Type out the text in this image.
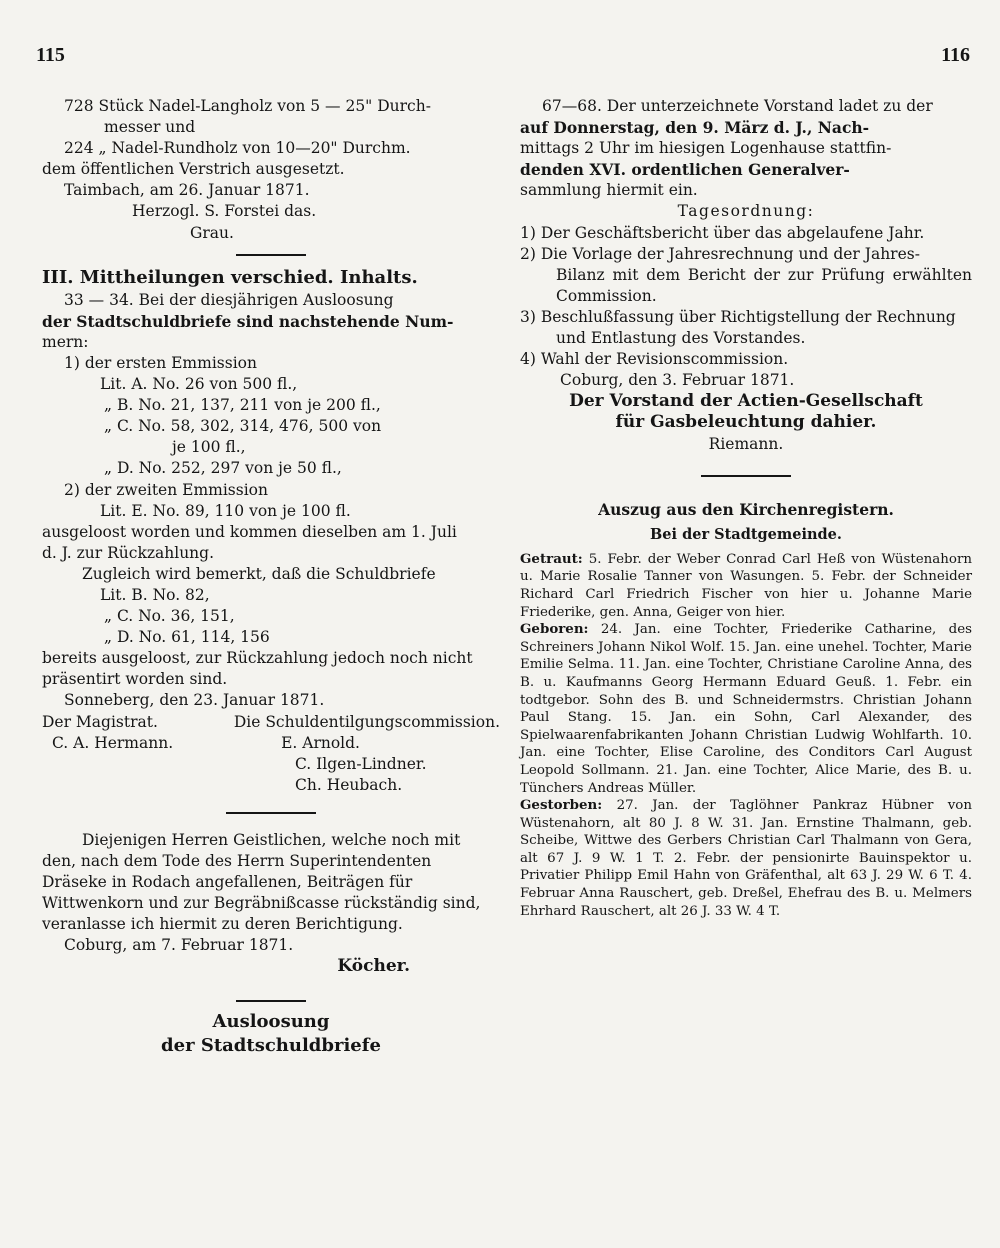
115	116

728 Stück Nadel-Langholz von 5 — 25" Durch-

messer und

224 „ Nadel-Rundholz von 10—20" Durchm.

dem öffentlichen Verstrich ausgesetzt.

Taimbach, am 26. Januar 1871.

Herzogl. S. Forstei das.

Grau.

III. Mittheilungen verschied. Inhalts.

33 — 34. Bei der diesjährigen Ausloosung

der Stadtschuldbriefe sind nachstehende Num-

mern:

1) der ersten Emmission

Lit. A. No. 26 von 500 fl.,

„ B. No. 21, 137, 211 von je 200 fl.,

„ C. No. 58, 302, 314, 476, 500 von

je 100 fl.,

„ D. No. 252, 297 von je 50 fl.,

2) der zweiten Emmission

Lit. E. No. 89, 110 von je 100 fl.

ausgeloost worden und kommen dieselben am 1. Juli

d. J. zur Rückzahlung.

Zugleich wird bemerkt, daß die Schuldbriefe

Lit. B. No. 82,

„ C. No. 36, 151,

„ D. No. 61, 114, 156

bereits ausgeloost, zur Rückzahlung jedoch noch nicht

präsentirt worden sind.

Sonneberg, den 23. Januar 1871.

Der Magistrat.	Die Schuldentilgungscommission.
C. A. Hermann.	E. Arnold.

C. Ilgen-Lindner.

Ch. Heubach.

Diejenigen Herren Geistlichen, welche noch mit

den, nach dem Tode des Herrn Superintendenten

Dräseke in Rodach angefallenen, Beiträgen für

Wittwenkorn und zur Begräbnißcasse rückständig sind,

veranlasse ich hiermit zu deren Berichtigung.

Coburg, am 7. Februar 1871.

Köcher.

Ausloosung

der Stadtschuldbriefe

67—68. Der unterzeichnete Vorstand ladet zu der

auf Donnerstag, den 9. März d. J., Nach-

mittags 2 Uhr im hiesigen Logenhause stattfin-

denden XVI. ordentlichen Generalver-

sammlung hiermit ein.

Tagesordnung:

1) Der Geschäftsbericht über das abgelaufene Jahr.

2) Die Vorlage der Jahresrechnung und der Jahres-

Bilanz mit dem Bericht der zur Prüfung erwählten Commission.

3) Beschlußfassung über Richtigstellung der Rechnung

und Entlastung des Vorstandes.

4) Wahl der Revisionscommission.

Coburg, den 3. Februar 1871.

Der Vorstand der Actien-Gesellschaft

für Gasbeleuchtung dahier.

Riemann.

Auszug aus den Kirchenregistern.

Bei der Stadtgemeinde.

Getraut: 5. Febr. der Weber Conrad Carl Heß von Wüstenahorn u. Marie Rosalie Tanner von Wasungen. 5. Febr. der Schneider Richard Carl Friedrich Fischer von hier u. Johanne Marie Friederike, gen. Anna, Geiger von hier.

Geboren: 24. Jan. eine Tochter, Friederike Catharine, des Schreiners Johann Nikol Wolf. 15. Jan. eine unehel. Tochter, Marie Emilie Selma. 11. Jan. eine Tochter, Christiane Caroline Anna, des B. u. Kaufmanns Georg Hermann Eduard Geuß. 1. Febr. ein todtgebor. Sohn des B. und Schneidermstrs. Christian Johann Paul Stang. 15. Jan. ein Sohn, Carl Alexander, des Spielwaarenfabrikanten Johann Christian Ludwig Wohlfarth. 10. Jan. eine Tochter, Elise Caroline, des Conditors Carl August Leopold Sollmann. 21. Jan. eine Tochter, Alice Marie, des B. u. Tünchers Andreas Müller.

Gestorben: 27. Jan. der Taglöhner Pankraz Hübner von Wüstenahorn, alt 80 J. 8 W. 31. Jan. Ernstine Thalmann, geb. Scheibe, Wittwe des Gerbers Christian Carl Thalmann von Gera, alt 67 J. 9 W. 1 T. 2. Febr. der pensionirte Bauinspektor u. Privatier Philipp Emil Hahn von Gräfenthal, alt 63 J. 29 W. 6 T. 4. Februar Anna Rauschert, geb. Dreßel, Ehefrau des B. u. Melmers Ehrhard Rauschert, alt 26 J. 33 W. 4 T.
